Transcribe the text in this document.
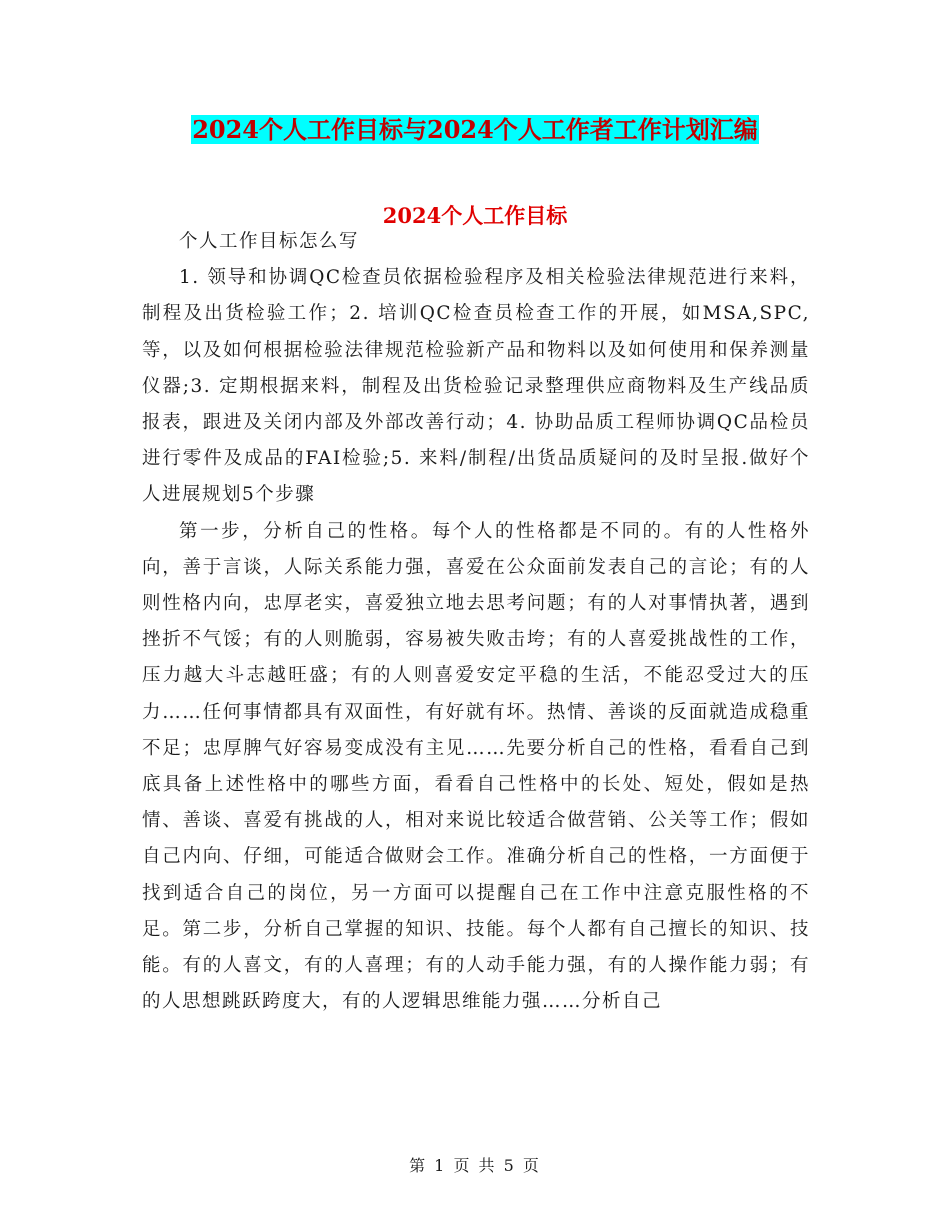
2024个人工作目标与2024个人工作者工作计划汇编
2024个人工作目标

个人工作目标怎么写

1. 领导和协调QC检查员依据检验程序及相关检验法律规范进行来料，制程及出货检验工作；2. 培训QC检查员检查工作的开展，如MSA,SPC,等，以及如何根据检验法律规范检验新产品和物料以及如何使用和保养测量仪器;3. 定期根据来料，制程及出货检验记录整理供应商物料及生产线品质报表，跟进及关闭内部及外部改善行动；4. 协助品质工程师协调QC品检员进行零件及成品的FAI检验;5. 来料/制程/出货品质疑问的及时呈报.做好个人进展规划5个步骤

第一步，分析自己的性格。每个人的性格都是不同的。有的人性格外向，善于言谈，人际关系能力强，喜爱在公众面前发表自己的言论；有的人则性格内向，忠厚老实，喜爱独立地去思考问题；有的人对事情执著，遇到挫折不气馁；有的人则脆弱，容易被失败击垮；有的人喜爱挑战性的工作，压力越大斗志越旺盛；有的人则喜爱安定平稳的生活，不能忍受过大的压力……任何事情都具有双面性，有好就有坏。热情、善谈的反面就造成稳重不足；忠厚脾气好容易变成没有主见……先要分析自己的性格，看看自己到底具备上述性格中的哪些方面，看看自己性格中的长处、短处，假如是热情、善谈、喜爱有挑战的人，相对来说比较适合做营销、公关等工作；假如自己内向、仔细，可能适合做财会工作。准确分析自己的性格，一方面便于找到适合自己的岗位，另一方面可以提醒自己在工作中注意克服性格的不足。第二步，分析自己掌握的知识、技能。每个人都有自己擅长的知识、技能。有的人喜文，有的人喜理；有的人动手能力强，有的人操作能力弱；有的人思想跳跃跨度大，有的人逻辑思维能力强……分析自己

第 1 页 共 5 页
